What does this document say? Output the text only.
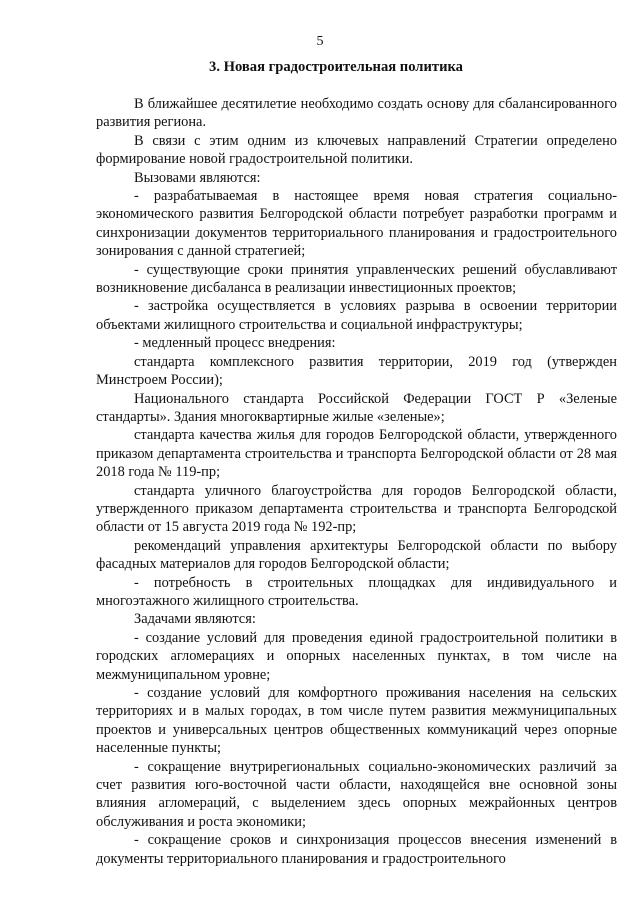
5
3. Новая градостроительная политика

В ближайшее десятилетие необходимо создать основу для сбалансированного развития региона.

В связи с этим одним из ключевых направлений Стратегии определено формирование новой градостроительной политики.

Вызовами являются:

- разрабатываемая в настоящее время новая стратегия социально-экономического развития Белгородской области потребует разработки программ и синхронизации документов территориального планирования и градостроительного зонирования с данной стратегией;

- существующие сроки принятия управленческих решений обуславливают возникновение дисбаланса в реализации инвестиционных проектов;

- застройка осуществляется в условиях разрыва в освоении территории объектами жилищного строительства и социальной инфраструктуры;

- медленный процесс внедрения:

стандарта комплексного развития территории, 2019 год (утвержден Минстроем России);

Национального стандарта Российской Федерации ГОСТ Р «Зеленые стандарты». Здания многоквартирные жилые «зеленые»;

стандарта качества жилья для городов Белгородской области, утвержденного приказом департамента строительства и транспорта Белгородской области от 28 мая 2018 года № 119-пр;

стандарта уличного благоустройства для городов Белгородской области, утвержденного приказом департамента строительства и транспорта Белгородской области от 15 августа 2019 года № 192-пр;

рекомендаций управления архитектуры Белгородской области по выбору фасадных материалов для городов Белгородской области;

- потребность в строительных площадках для индивидуального и многоэтажного жилищного строительства.

Задачами являются:

- создание условий для проведения единой градостроительной политики в городских агломерациях и опорных населенных пунктах, в том числе на межмуниципальном уровне;

- создание условий для комфортного проживания населения на сельских территориях и в малых городах, в том числе путем развития межмуниципальных проектов и универсальных центров общественных коммуникаций через опорные населенные пункты;

- сокращение внутрирегиональных социально-экономических различий за счет развития юго-восточной части области, находящейся вне основной зоны влияния агломераций, с выделением здесь опорных межрайонных центров обслуживания и роста экономики;

- сокращение сроков и синхронизация процессов внесения изменений в документы территориального планирования и градостроительного
